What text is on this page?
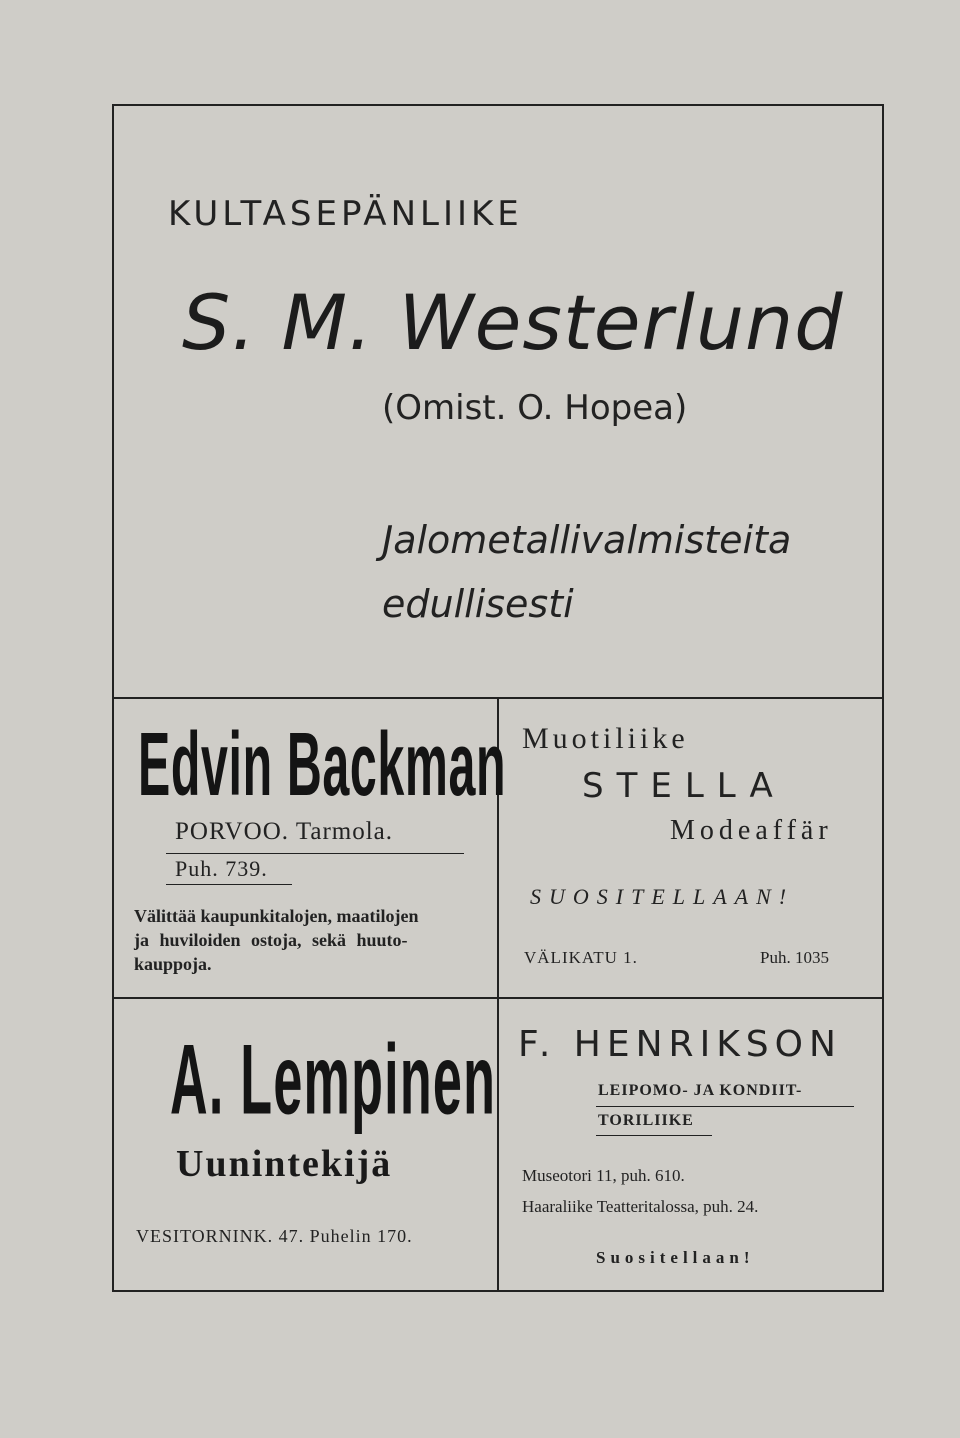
KULTASEPÄNLIIKE
S. M. Westerlund
(Omist. O. Hopea)
Jalometallivalmisteita
edullisesti
Edvin Backman
PORVOO. Tarmola.
Puh. 739.
Välittää kaupunkitalojen, maatilojen
ja huviloiden ostoja, sekä huuto-
kauppoja.
Muotiliike
STELLA
Modeaffär
SUOSITELLAAN!
VÄLIKATU 1.	Puh. 1035
A. Lempinen
Uunintekijä
VESITORNINK. 47. Puhelin 170.
F. HENRIKSON
LEIPOMO- JA KONDIIT-
TORILIIKE
Museotori 11, puh. 610.
Haaraliike Teatteritalossa, puh. 24.
Suositellaan!
